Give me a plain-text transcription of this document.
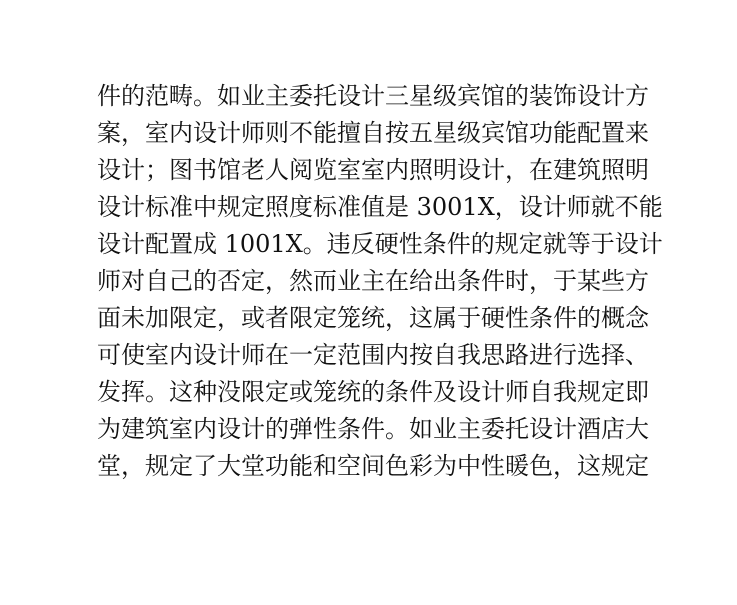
件的范畴。如业主委托设计三星级宾馆的装饰设计方
案，室内设计师则不能擅自按五星级宾馆功能配置来
设计；图书馆老人阅览室室内照明设计，在建筑照明
设计标准中规定照度标准值是 3001X，设计师就不能
设计配置成 1001X。违反硬性条件的规定就等于设计
师对自己的否定，然而业主在给出条件时，于某些方
面未加限定，或者限定笼统，这属于硬性条件的概念
可使室内设计师在一定范围内按自我思路进行选择、
发挥。这种没限定或笼统的条件及设计师自我规定即
为建筑室内设计的弹性条件。如业主委托设计酒店大
堂，规定了大堂功能和空间色彩为中性暖色，这规定
